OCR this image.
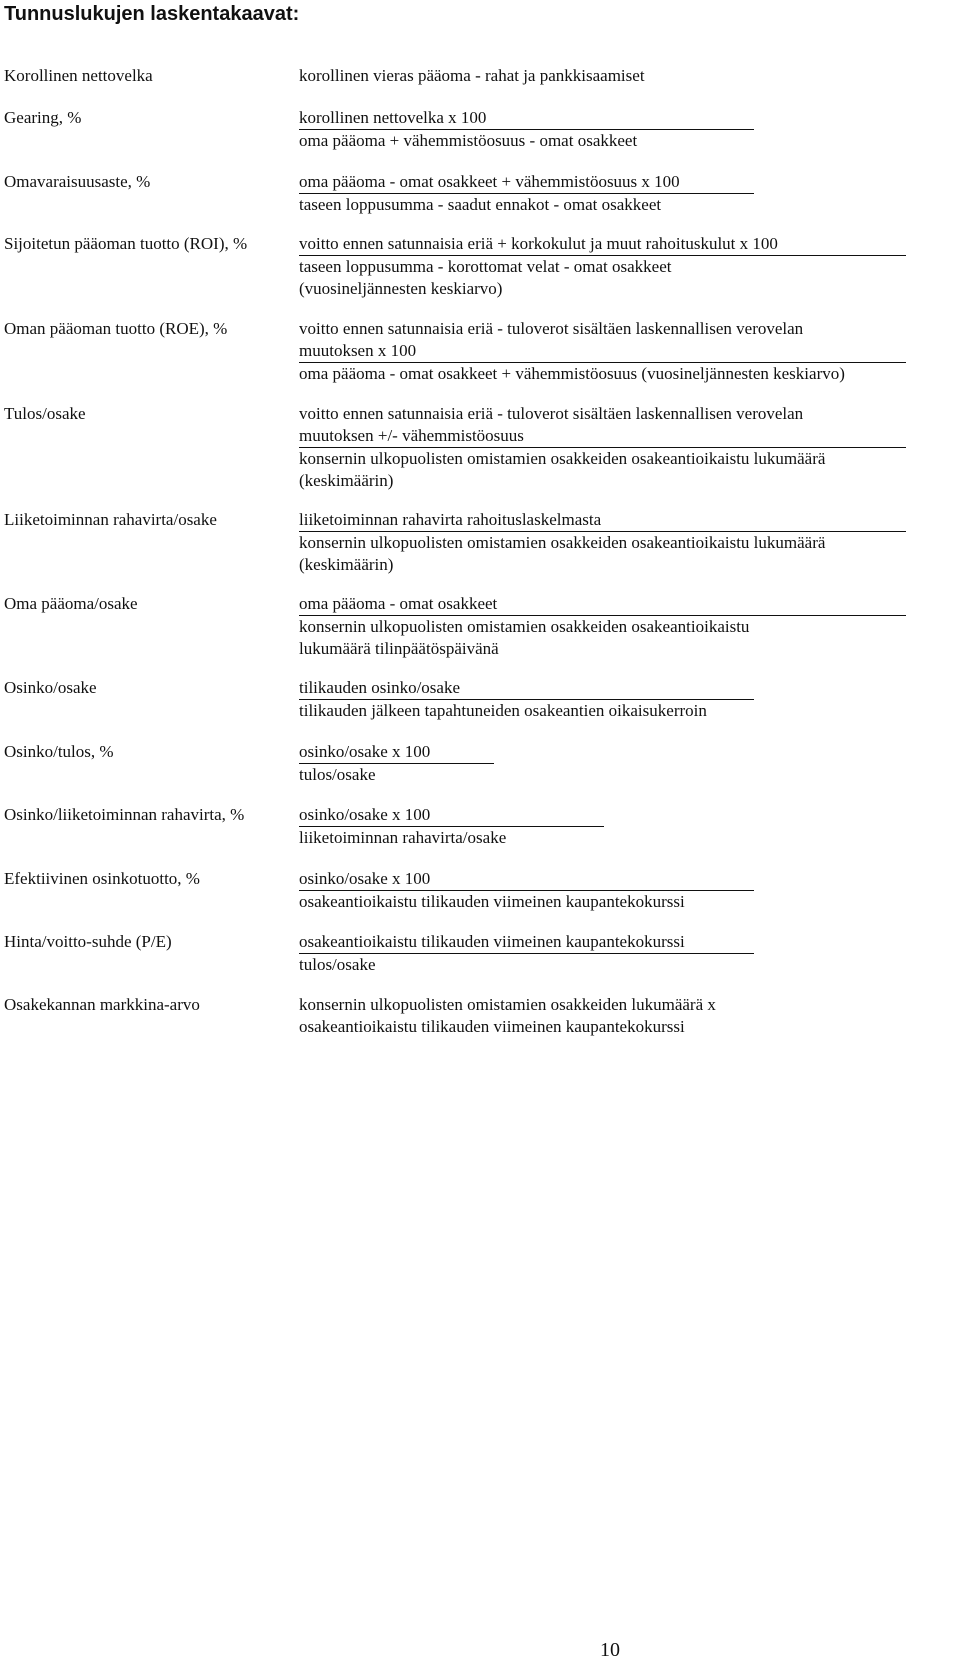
Tunnuslukujen laskentakaavat:
Korollinen nettovelka	korollinen vieras pääoma - rahat ja pankkisaamiset
Gearing, %	korollinen nettovelka x 100
oma pääoma + vähemmistöosuus - omat osakkeet
Omavaraisuusaste, %	oma pääoma - omat osakkeet + vähemmistöosuus x 100
taseen loppusumma - saadut ennakot - omat osakkeet
Sijoitetun pääoman tuotto (ROI), %	voitto ennen satunnaisia eriä + korkokulut ja muut rahoituskulut x 100
taseen loppusumma - korottomat velat - omat osakkeet
(vuosineljännesten keskiarvo)
Oman pääoman tuotto (ROE), %	voitto ennen satunnaisia eriä - tuloverot sisältäen laskennallisen verovelan
muutoksen x 100
oma pääoma - omat osakkeet + vähemmistöosuus (vuosineljännesten keskiarvo)
Tulos/osake	voitto ennen satunnaisia eriä - tuloverot sisältäen laskennallisen verovelan
muutoksen +/- vähemmistöosuus
konsernin ulkopuolisten omistamien osakkeiden osakeantioikaistu lukumäärä
(keskimäärin)
Liiketoiminnan rahavirta/osake	liiketoiminnan rahavirta rahoituslaskelmasta
konsernin ulkopuolisten omistamien osakkeiden osakeantioikaistu lukumäärä
(keskimäärin)
Oma pääoma/osake	oma pääoma - omat osakkeet
konsernin ulkopuolisten omistamien osakkeiden osakeantioikaistu
lukumäärä tilinpäätöspäivänä
Osinko/osake	tilikauden osinko/osake
tilikauden jälkeen tapahtuneiden osakeantien oikaisukerroin
Osinko/tulos, %	osinko/osake x 100
tulos/osake
Osinko/liiketoiminnan rahavirta, %	osinko/osake x 100
liiketoiminnan rahavirta/osake
Efektiivinen osinkotuotto, %	osinko/osake x 100
osakeantioikaistu tilikauden viimeinen kaupantekokurssi
Hinta/voitto-suhde (P/E)	osakeantioikaistu tilikauden viimeinen kaupantekokurssi
tulos/osake
Osakekannan markkina-arvo	konsernin ulkopuolisten omistamien osakkeiden lukumäärä x
osakeantioikaistu tilikauden viimeinen kaupantekokurssi
10
